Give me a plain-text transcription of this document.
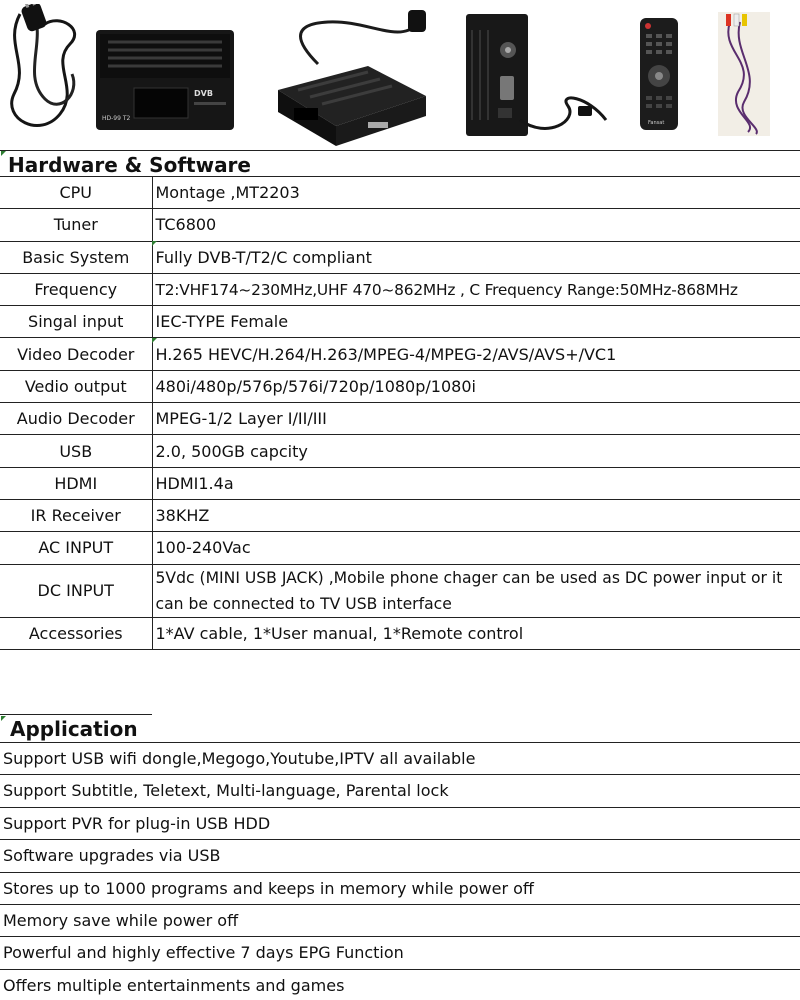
HD-99 T2
DVB
Fansat
Hardware & Software
CPU	Montage ,MT2203
Tuner	TC6800
Basic System	Fully DVB-T/T2/C compliant
Frequency	T2:VHF174~230MHz,UHF 470~862MHz , C Frequency Range:50MHz-868MHz
Singal input	IEC-TYPE Female
Video Decoder	H.265 HEVC/H.264/H.263/MPEG-4/MPEG-2/AVS/AVS+/VC1
Vedio output	480i/480p/576p/576i/720p/1080p/1080i
Audio Decoder	MPEG-1/2 Layer I/II/III
USB	2.0, 500GB capcity
HDMI	HDMI1.4a
IR Receiver	38KHZ
AC INPUT	100-240Vac
DC INPUT	5Vdc (MINI USB JACK) ,Mobile phone chager can be used as DC power input or it can be connected to TV USB interface
Accessories	1*AV cable, 1*User manual, 1*Remote control
Application
Support USB wifi dongle,Megogo,Youtube,IPTV all available
Support Subtitle, Teletext, Multi-language, Parental lock
Support PVR for plug-in USB HDD
Software upgrades via USB
Stores up to 1000 programs and keeps in memory while power off
Memory save while power off
Powerful and highly effective 7 days EPG Function
Offers multiple entertainments and games
